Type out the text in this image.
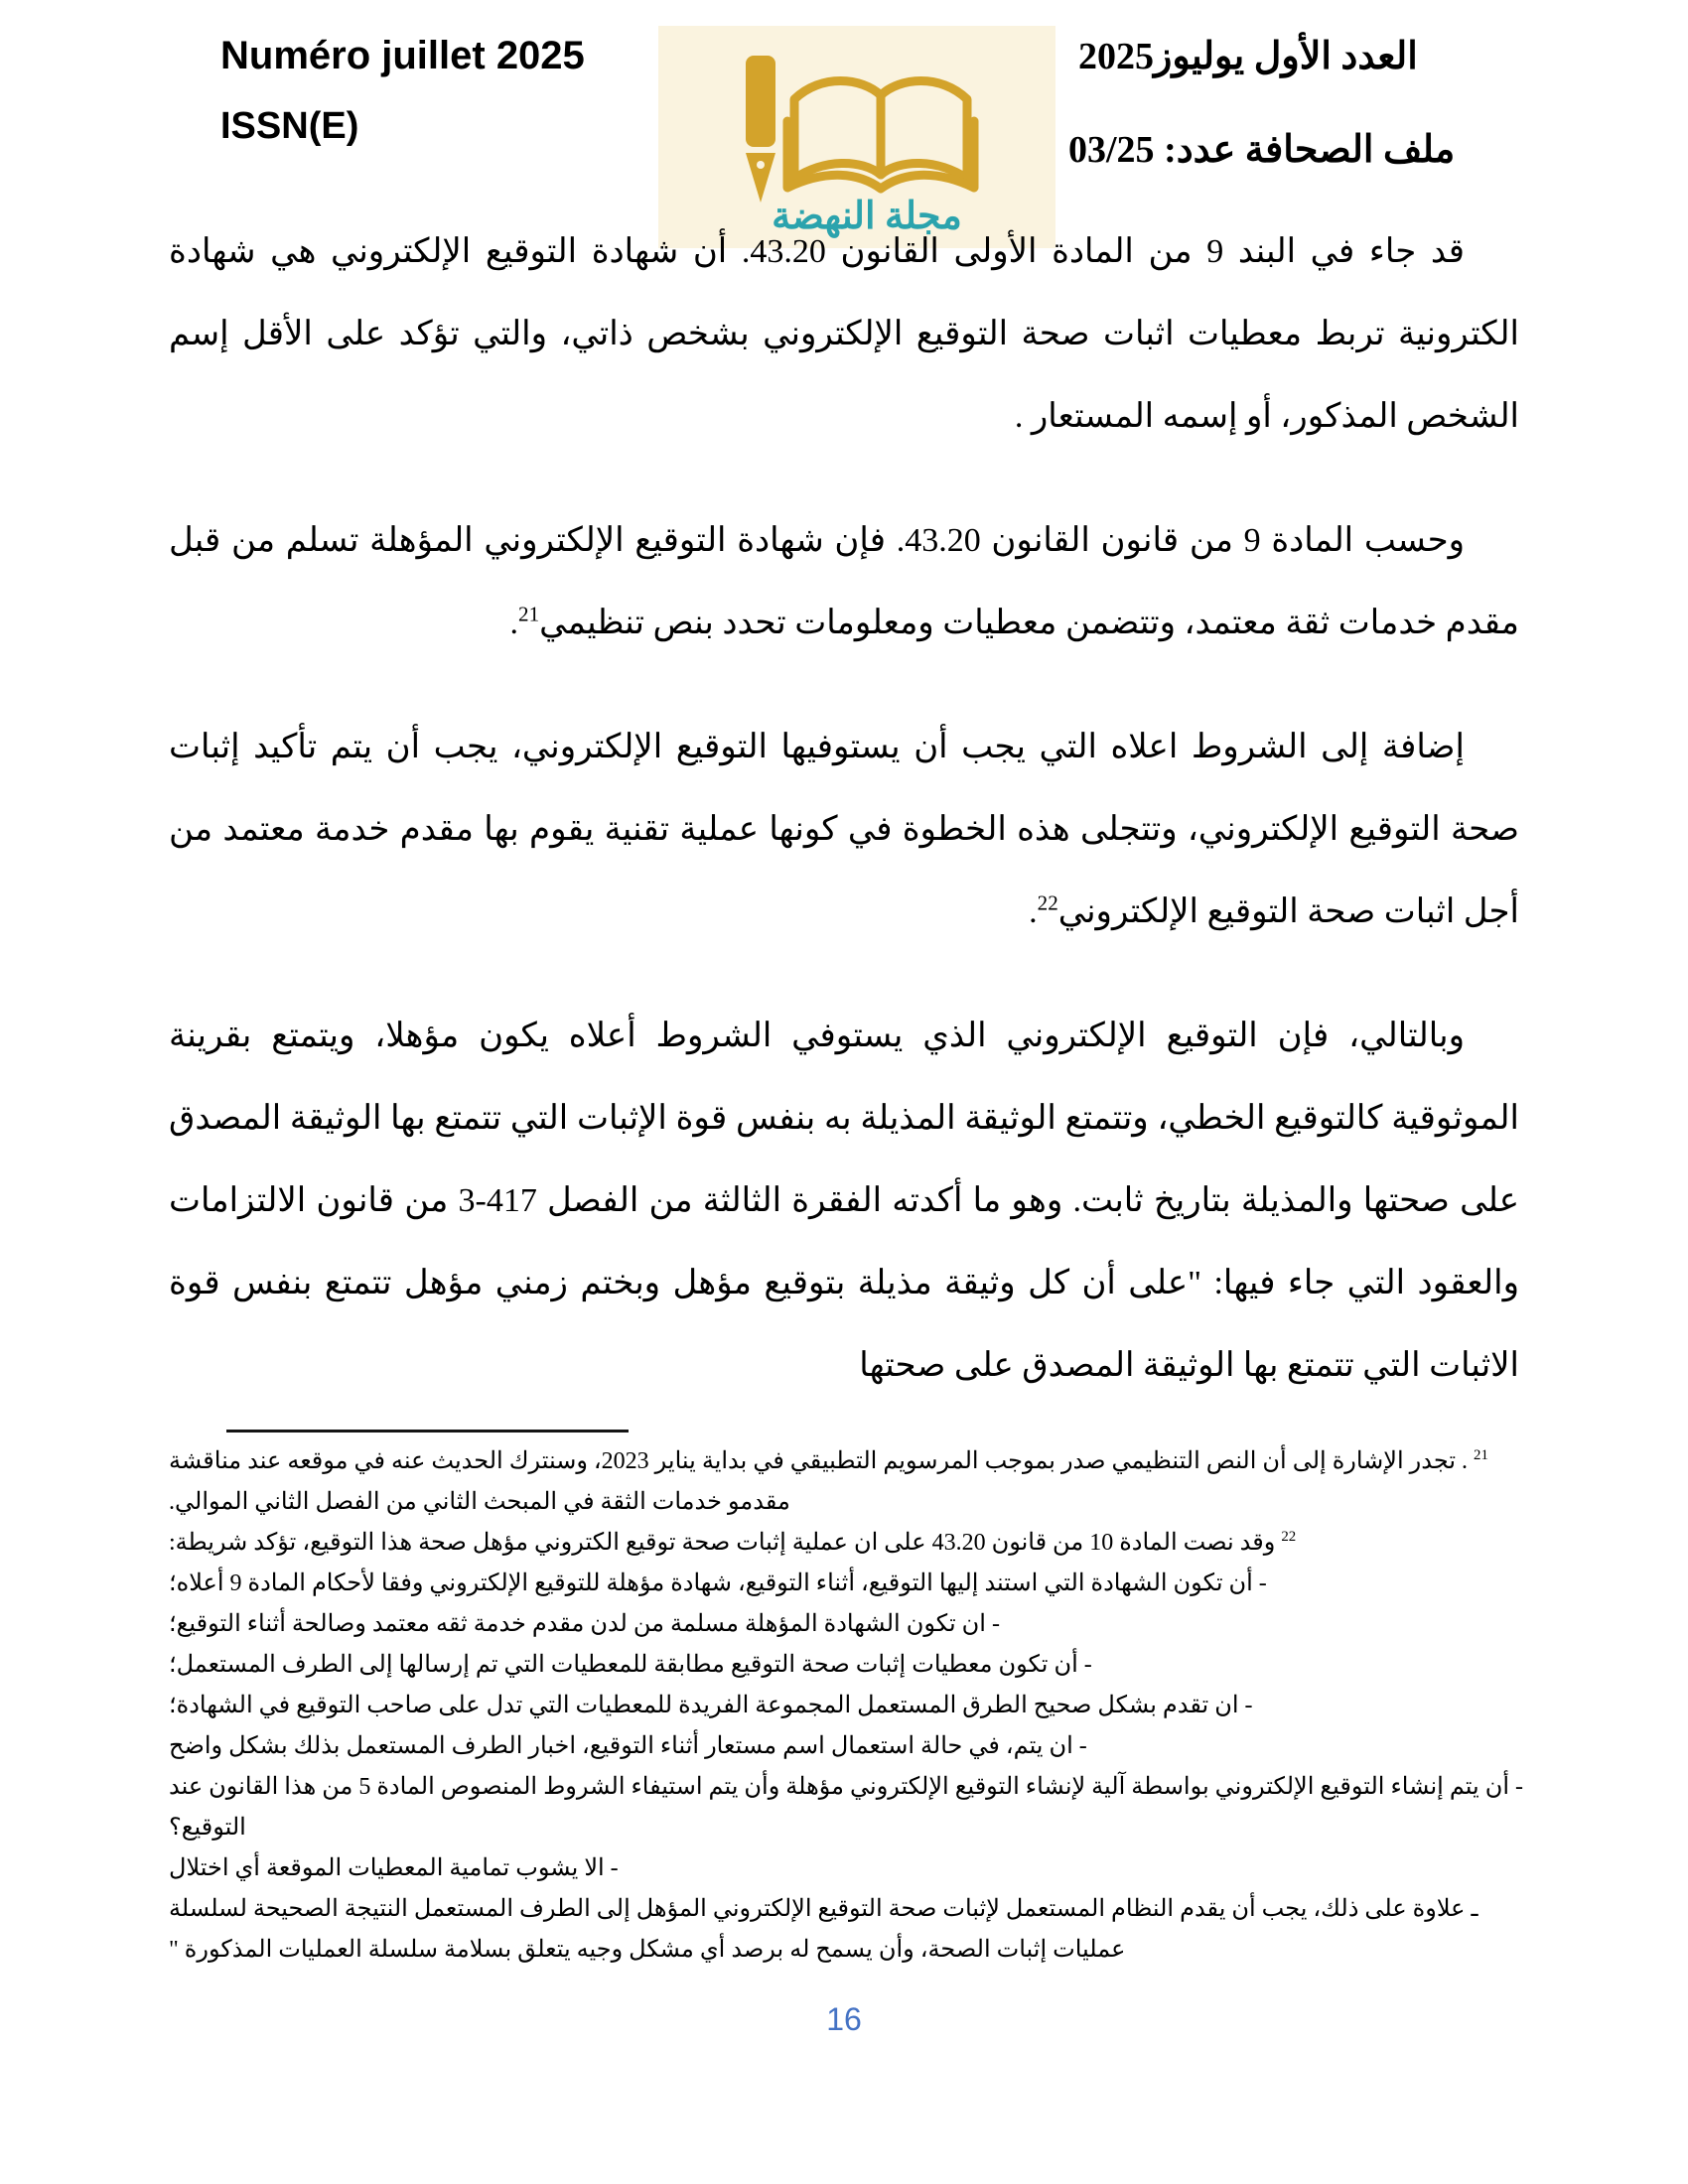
Numéro juillet 2025
ISSN(E)
مجلة النهضة
العدد الأول يوليوز2025
ملف الصحافة عدد: 03/25

قد جاء في البند 9 من المادة الأولى القانون 43.20. أن شهادة التوقيع الإلكتروني هي شهادة الكترونية تربط معطيات اثبات صحة التوقيع الإلكتروني بشخص ذاتي، والتي تؤكد على الأقل إسم الشخص المذكور، أو إسمه المستعار .

وحسب المادة 9 من قانون القانون 43.20. فإن شهادة التوقيع الإلكتروني المؤهلة تسلم من قبل مقدم خدمات ثقة معتمد، وتتضمن معطيات ومعلومات تحدد بنص تنظيمي$^{21}$.

إضافة إلى الشروط اعلاه التي يجب أن يستوفيها التوقيع الإلكتروني، يجب أن يتم تأكيد إثبات صحة التوقيع الإلكتروني، وتتجلى هذه الخطوة في كونها عملية تقنية يقوم بها مقدم خدمة معتمد من أجل اثبات صحة التوقيع الإلكتروني$^{22}$.

وبالتالي، فإن التوقيع الإلكتروني الذي يستوفي الشروط أعلاه يكون مؤهلا، ويتمتع بقرينة الموثوقية كالتوقيع الخطي، وتتمتع الوثيقة المذيلة به بنفس قوة الإثبات التي تتمتع بها الوثيقة المصدق على صحتها والمذيلة بتاريخ ثابت. وهو ما أكدته الفقرة الثالثة من الفصل 417-3 من قانون الالتزامات والعقود التي جاء فيها: "على أن كل وثيقة مذيلة بتوقيع مؤهل وبختم زمني مؤهل تتمتع بنفس قوة الاثبات التي تتمتع بها الوثيقة المصدق على صحتها

$^{21}$ . تجدر الإشارة إلى أن النص التنظيمي صدر بموجب المرسويم التطبيقي في بداية يناير 2023، وسنترك الحديث عنه في موقعه عند مناقشة مقدمو خدمات الثقة في المبحث الثاني من الفصل الثاني الموالي.
$^{22}$ وقد نصت المادة 10 من قانون 43.20 على ان عملية إثبات صحة توقيع الكتروني مؤهل صحة هذا التوقيع، تؤكد شريطة:
- أن تكون الشهادة التي استند إليها التوقيع، أثناء التوقيع، شهادة مؤهلة للتوقيع الإلكتروني وفقا لأحكام المادة 9 أعلاه؛
- ان تكون الشهادة المؤهلة مسلمة من لدن مقدم خدمة ثقه معتمد وصالحة أثناء التوقيع؛
- أن تكون معطيات إثبات صحة التوقيع مطابقة للمعطيات التي تم إرسالها إلى الطرف المستعمل؛
- ان تقدم بشكل صحيح الطرق المستعمل المجموعة الفريدة للمعطيات التي تدل على صاحب التوقيع في الشهادة؛
- ان يتم، في حالة استعمال اسم مستعار أثناء التوقيع، اخبار الطرف المستعمل بذلك بشكل واضح
- أن يتم إنشاء التوقيع الإلكتروني بواسطة آلية لإنشاء التوقيع الإلكتروني مؤهلة وأن يتم استيفاء الشروط المنصوص المادة 5 من هذا القانون عند التوقيع؟
- الا يشوب تمامية المعطيات الموقعة أي اختلال
ـ علاوة على ذلك، يجب أن يقدم النظام المستعمل لإثبات صحة التوقيع الإلكتروني المؤهل إلى الطرف المستعمل النتيجة الصحيحة لسلسلة عمليات إثبات الصحة، وأن يسمح له برصد أي مشكل وجيه يتعلق بسلامة سلسلة العمليات المذكورة "
16
